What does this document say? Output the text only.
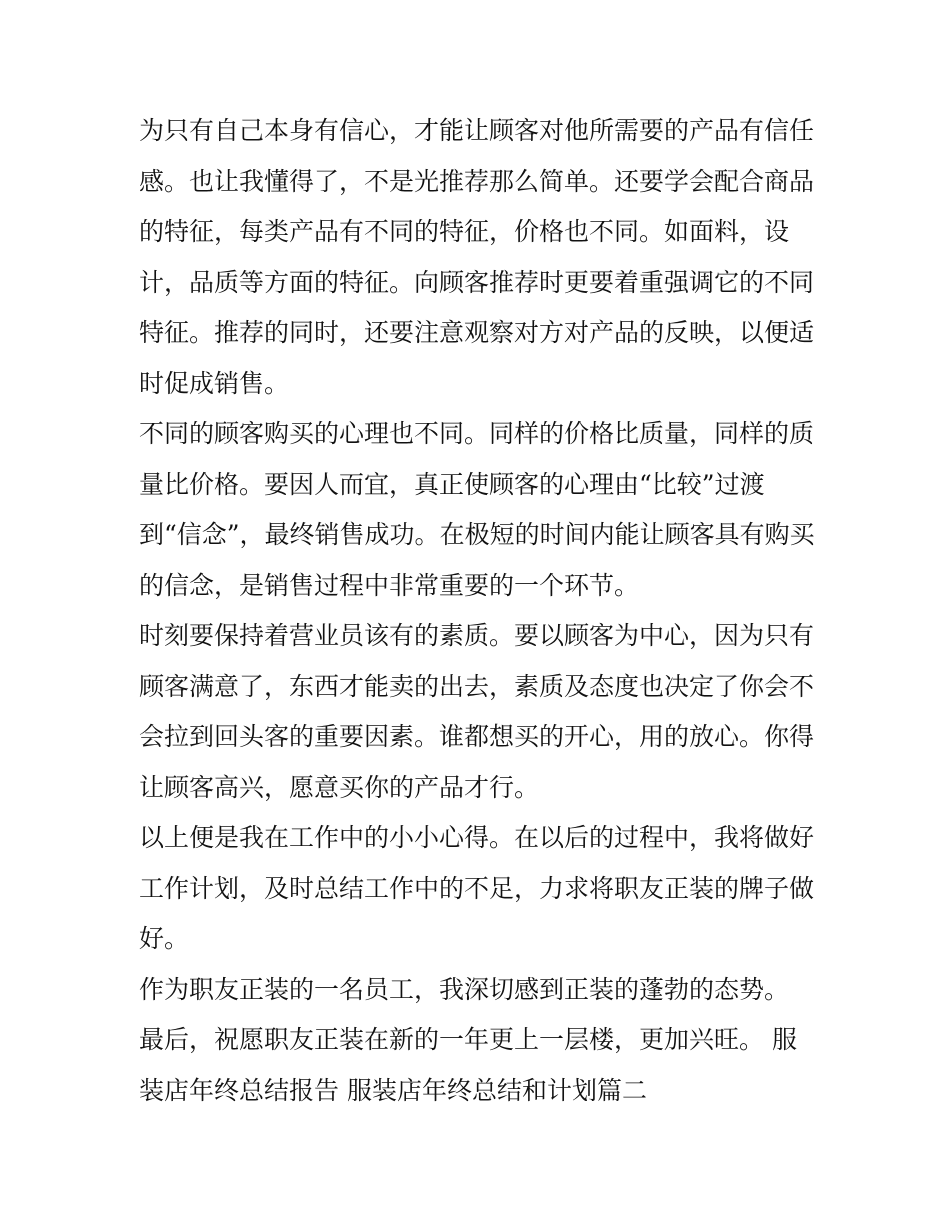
为只有自己本身有信心，才能让顾客对他所需要的产品有信任
感。也让我懂得了，不是光推荐那么简单。还要学会配合商品
的特征，每类产品有不同的特征，价格也不同。如面料，设
计，品质等方面的特征。向顾客推荐时更要着重强调它的不同
特征。推荐的同时，还要注意观察对方对产品的反映，以便适
时促成销售。
不同的顾客购买的心理也不同。同样的价格比质量，同样的质
量比价格。要因人而宜，真正使顾客的心理由“比较”过渡
到“信念”，最终销售成功。在极短的时间内能让顾客具有购买
的信念，是销售过程中非常重要的一个环节。
时刻要保持着营业员该有的素质。要以顾客为中心，因为只有
顾客满意了，东西才能卖的出去，素质及态度也决定了你会不
会拉到回头客的重要因素。谁都想买的开心，用的放心。你得
让顾客高兴，愿意买你的产品才行。
以上便是我在工作中的小小心得。在以后的过程中，我将做好
工作计划，及时总结工作中的不足，力求将职友正装的牌子做
好。
作为职友正装的一名员工，我深切感到正装的蓬勃的态势。
最后，祝愿职友正装在新的一年更上一层楼，更加兴旺。 服
装店年终总结报告 服装店年终总结和计划篇二
